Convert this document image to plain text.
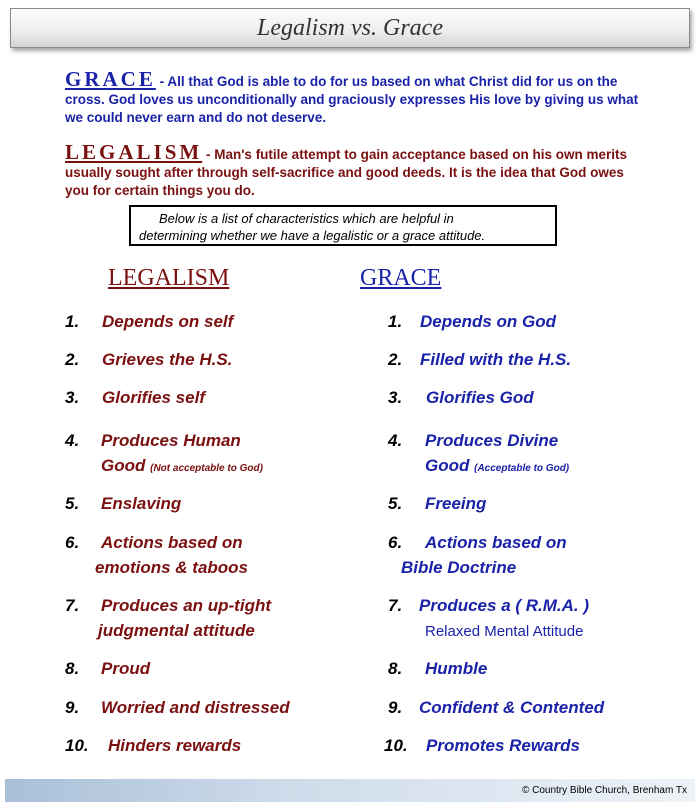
Legalism vs. Grace

GRACE - All that God is able to do for us based on what Christ did for us on the cross. God loves us unconditionally and graciously expresses His love by giving us what we could never earn and do not deserve.

LEGALISM - Man's futile attempt to gain acceptance based on his own merits usually sought after through self-sacrifice and good deeds. It is the idea that God owes you for certain things you do.

Below is a list of characteristics which are helpful in
determining whether we have a legalistic or a grace attitude.
LEGALISM	GRACE
1. Depends on self
2. Grieves the H.S.
3. Glorifies self
4. Produces Human
Good (Not acceptable to God)
5. Enslaving
6. Actions based on
emotions & taboos
7. Produces an up-tight
judgmental attitude
8. Proud
9. Worried and distressed
10. Hinders rewards
1. Depends on God
2. Filled with the H.S.
3. Glorifies God
4. Produces Divine
Good (Acceptable to God)
5. Freeing
6. Actions based on
Bible Doctrine
7. Produces a ( R.M.A. )
Relaxed Mental Attitude
8. Humble
9. Confident & Contented
10. Promotes Rewards
© Country Bible Church, Brenham Tx
